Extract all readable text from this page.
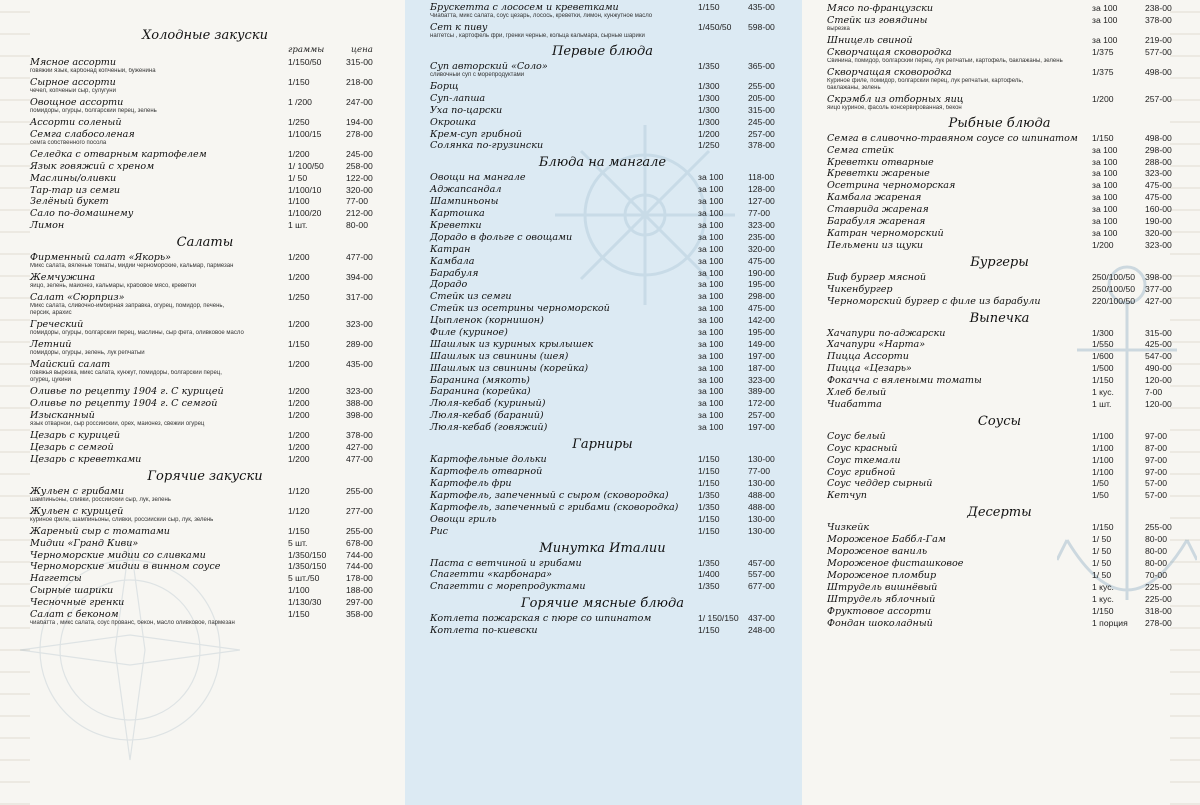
Холодные закуски
граммы	цена
Мясное ассорти	1/150/50	315-00
говяжий язык, карбонад копченый, буженина
Сырное ассорти	1/150	218-00
чечел, копченый сыр, сулугуни
Овощное ассорти	1 /200	247-00
помидоры, огурцы, болгарский перец, зелень
Ассорти соленый	1/250	194-00
Семга слабосоленая	1/100/15	278-00
семга собственного посола
Селедка с отварным картофелем	1/200	245-00
Язык говяжий с хреном	1/ 100/50	258-00
Маслины/оливки	1/ 50	122-00
Тар-тар из семги	1/100/10	320-00
Зелёный букет	1/100	77-00
Сало по-домашнему	1/100/20	212-00
Лимон	1 шт.	80-00
Салаты
Фирменный салат «Якорь»	1/200	477-00
Микс салата, вяленые томаты, мидии черноморские, кальмар, пармезан
Жемчужина	1/200	394-00
яйцо, зелень, майонез, кальмары, крабовое мясо, креветки
Салат «Сюрприз»	1/250	317-00
Микс салата, сливочно-имбирная заправка, огурец, помидор, печень,
персик, арахис
Греческий	1/200	323-00
помидоры, огурцы, болгарский перец, маслины, сыр фета, оливковое масло
Летний	1/150	289-00
помидоры, огурцы, зелень, лук репчатый
Майский салат	1/200	435-00
говяжья вырезка, микс салата, кунжут, помидоры, болгарский перец,
огурец, цукини
Оливье по рецепту 1904 г. С курицей	1/200	323-00
Оливье по рецепту 1904 г. С семгой	1/200	388-00
Изысканный	1/200	398-00
язык отварной, сыр российский, орех, майонез, свежий огурец
Цезарь с курицей	1/200	378-00
Цезарь с семгой	1/200	427-00
Цезарь с креветками	1/200	477-00
Горячие закуски
Жульен с грибами	1/120	255-00
шампиньоны, сливки, российский сыр, лук, зелень
Жульен с курицей	1/120	277-00
куриное филе, шампиньоны, сливки, российский сыр, лук, зелень
Жареный сыр с томатами	1/150	255-00
Мидии «Гранд Киви»	5 шт.	678-00
Черноморские мидии со сливками	1/350/150 744-00
Черноморские мидии в винном соусе	1/350/150 744-00
Наггетсы	5 шт./50	178-00
Сырные шарики	1/100	188-00
Чесночные гренки	1/130/30	297-00
Салат с беконом	1/150	358-00
чиабатта , микс салата, соус прованс, бекон, масло оливковое, пармезан
Брускетта с лососем и креветками	1/150	435-00
Чиабатта, микс салата, соус цезарь, лосось, креветки, лимон, кунжутное масло
Сет к пиву	1/450/50 598-00
наггетсы , картофель фри, гренки черные, кольца кальмара, сырные шарики
Первые блюда
Суп авторский «Соло»	1/350	365-00
сливочный суп с морепродуктами
Борщ	1/300	255-00
Суп-лапша	1/300	205-00
Уха по-царски	1/300	315-00
Окрошка	1/300	245-00
Крем-суп грибной	1/200	257-00
Солянка по-грузински	1/250	378-00
Блюда на мангале
Овощи на мангале	за 100	118-00
Аджапсандал	за 100	128-00
Шампиньоны	за 100	127-00
Картошка	за 100	77-00
Креветки	за 100	323-00
Дорадо в фольге с овощами	за 100	235-00
Катран	за 100	320-00
Камбала	за 100	475-00
Барабуля	за 100	190-00
Дорадо	за 100	195-00
Стейк из семги	за 100	298-00
Стейк из осетрины черноморской	за 100	475-00
Цыпленок (корнишон)	за 100	142-00
Филе (куриное)	за 100	195-00
Шашлык из куриных крылышек	за 100	149-00
Шашлык из свинины (шея)	за 100	197-00
Шашлык из свинины (корейка)	за 100	187-00
Баранина (мякоть)	за 100	323-00
Баранина (корейка)	за 100	389-00
Люля-кебаб (куриный)	за 100	172-00
Люля-кебаб (бараний)	за 100	257-00
Люля-кебаб (говяжий)	за 100	197-00
Гарниры
Картофельные дольки	1/150	130-00
Картофель отварной	1/150	77-00
Картофель фри	1/150	130-00
Картофель, запеченный с сыром (сковородка)	1/350	488-00
Картофель, запеченный с грибами (сковородка)	1/350	488-00
Овощи гриль	1/150	130-00
Рис	1/150	130-00
Минутка Италии
Паста с ветчиной и грибами	1/350	457-00
Спагетти «карбонара»	1/400	557-00
Спагетти с морепродуктами	1/350	677-00
Горячие мясные блюда
Котлета пожарская с пюре со шпинатом	1/ 150/150 437-00
Котлета по-киевски	1/150	248-00
Мясо по-французски	за 100	238-00
Стейк из говядины	за 100	378-00
вырезка
Шницель свиной	за 100	219-00
Скворчащая сковородка	1/375	577-00
Свинина, помидор, болгарский перец, лук репчатый, картофель, баклажаны, зелень
Скворчащая сковородка	1/375	498-00
Куриное филе, помидор, болгарский перец, лук репчатый, картофель,
баклажаны, зелень
Скрэмбл из отборных яиц	1/200	257-00
яйцо куриное, фасоль консервированная, бекон
Рыбные блюда
Семга в сливочно-травяном соусе со шпинатом	1/150	498-00
Семга стейк	за 100	298-00
Креветки отварные	за 100	288-00
Креветки жареные	за 100	323-00
Осетрина черноморская	за 100	475-00
Камбала жареная	за 100	475-00
Ставрида жареная	за 100	160-00
Барабуля жареная	за 100	190-00
Катран черноморский	за 100	320-00
Пельмени из щуки	1/200	323-00
Бургеры
Биф бургер мясной	250/100/50 398-00
Чикенбургер	250/100/50 377-00
Черноморский бургер с филе из барабули	220/100/50 427-00
Выпечка
Хачапури по-аджарски	1/300	315-00
Хачапури «Нарта»	1/550	425-00
Пицца Ассорти	1/600	547-00
Пицца «Цезарь»	1/500	490-00
Фокачча с вялеными томаты	1/150	120-00
Хлеб белый	1 кус.	7-00
Чиабатта	1 шт.	120-00
Соусы
Соус белый	1/100	97-00
Соус красный	1/100	87-00
Соус ткемали	1/100	97-00
Соус грибной	1/100	97-00
Соус чеддер сырный	1/50	57-00
Кетчуп	1/50	57-00
Десерты
Чизкейк	1/150	255-00
Мороженое Баббл-Гам	1/ 50	80-00
Мороженое ваниль	1/ 50	80-00
Мороженое фисташковое	1/ 50	80-00
Мороженое пломбир	1/ 50	70-00
Штрудель вишнёвый	1 кус.	225-00
Штрудель яблочный	1 кус.	225-00
Фруктовое ассорти	1/150	318-00
Фондан шоколадный	1 порция 278-00
